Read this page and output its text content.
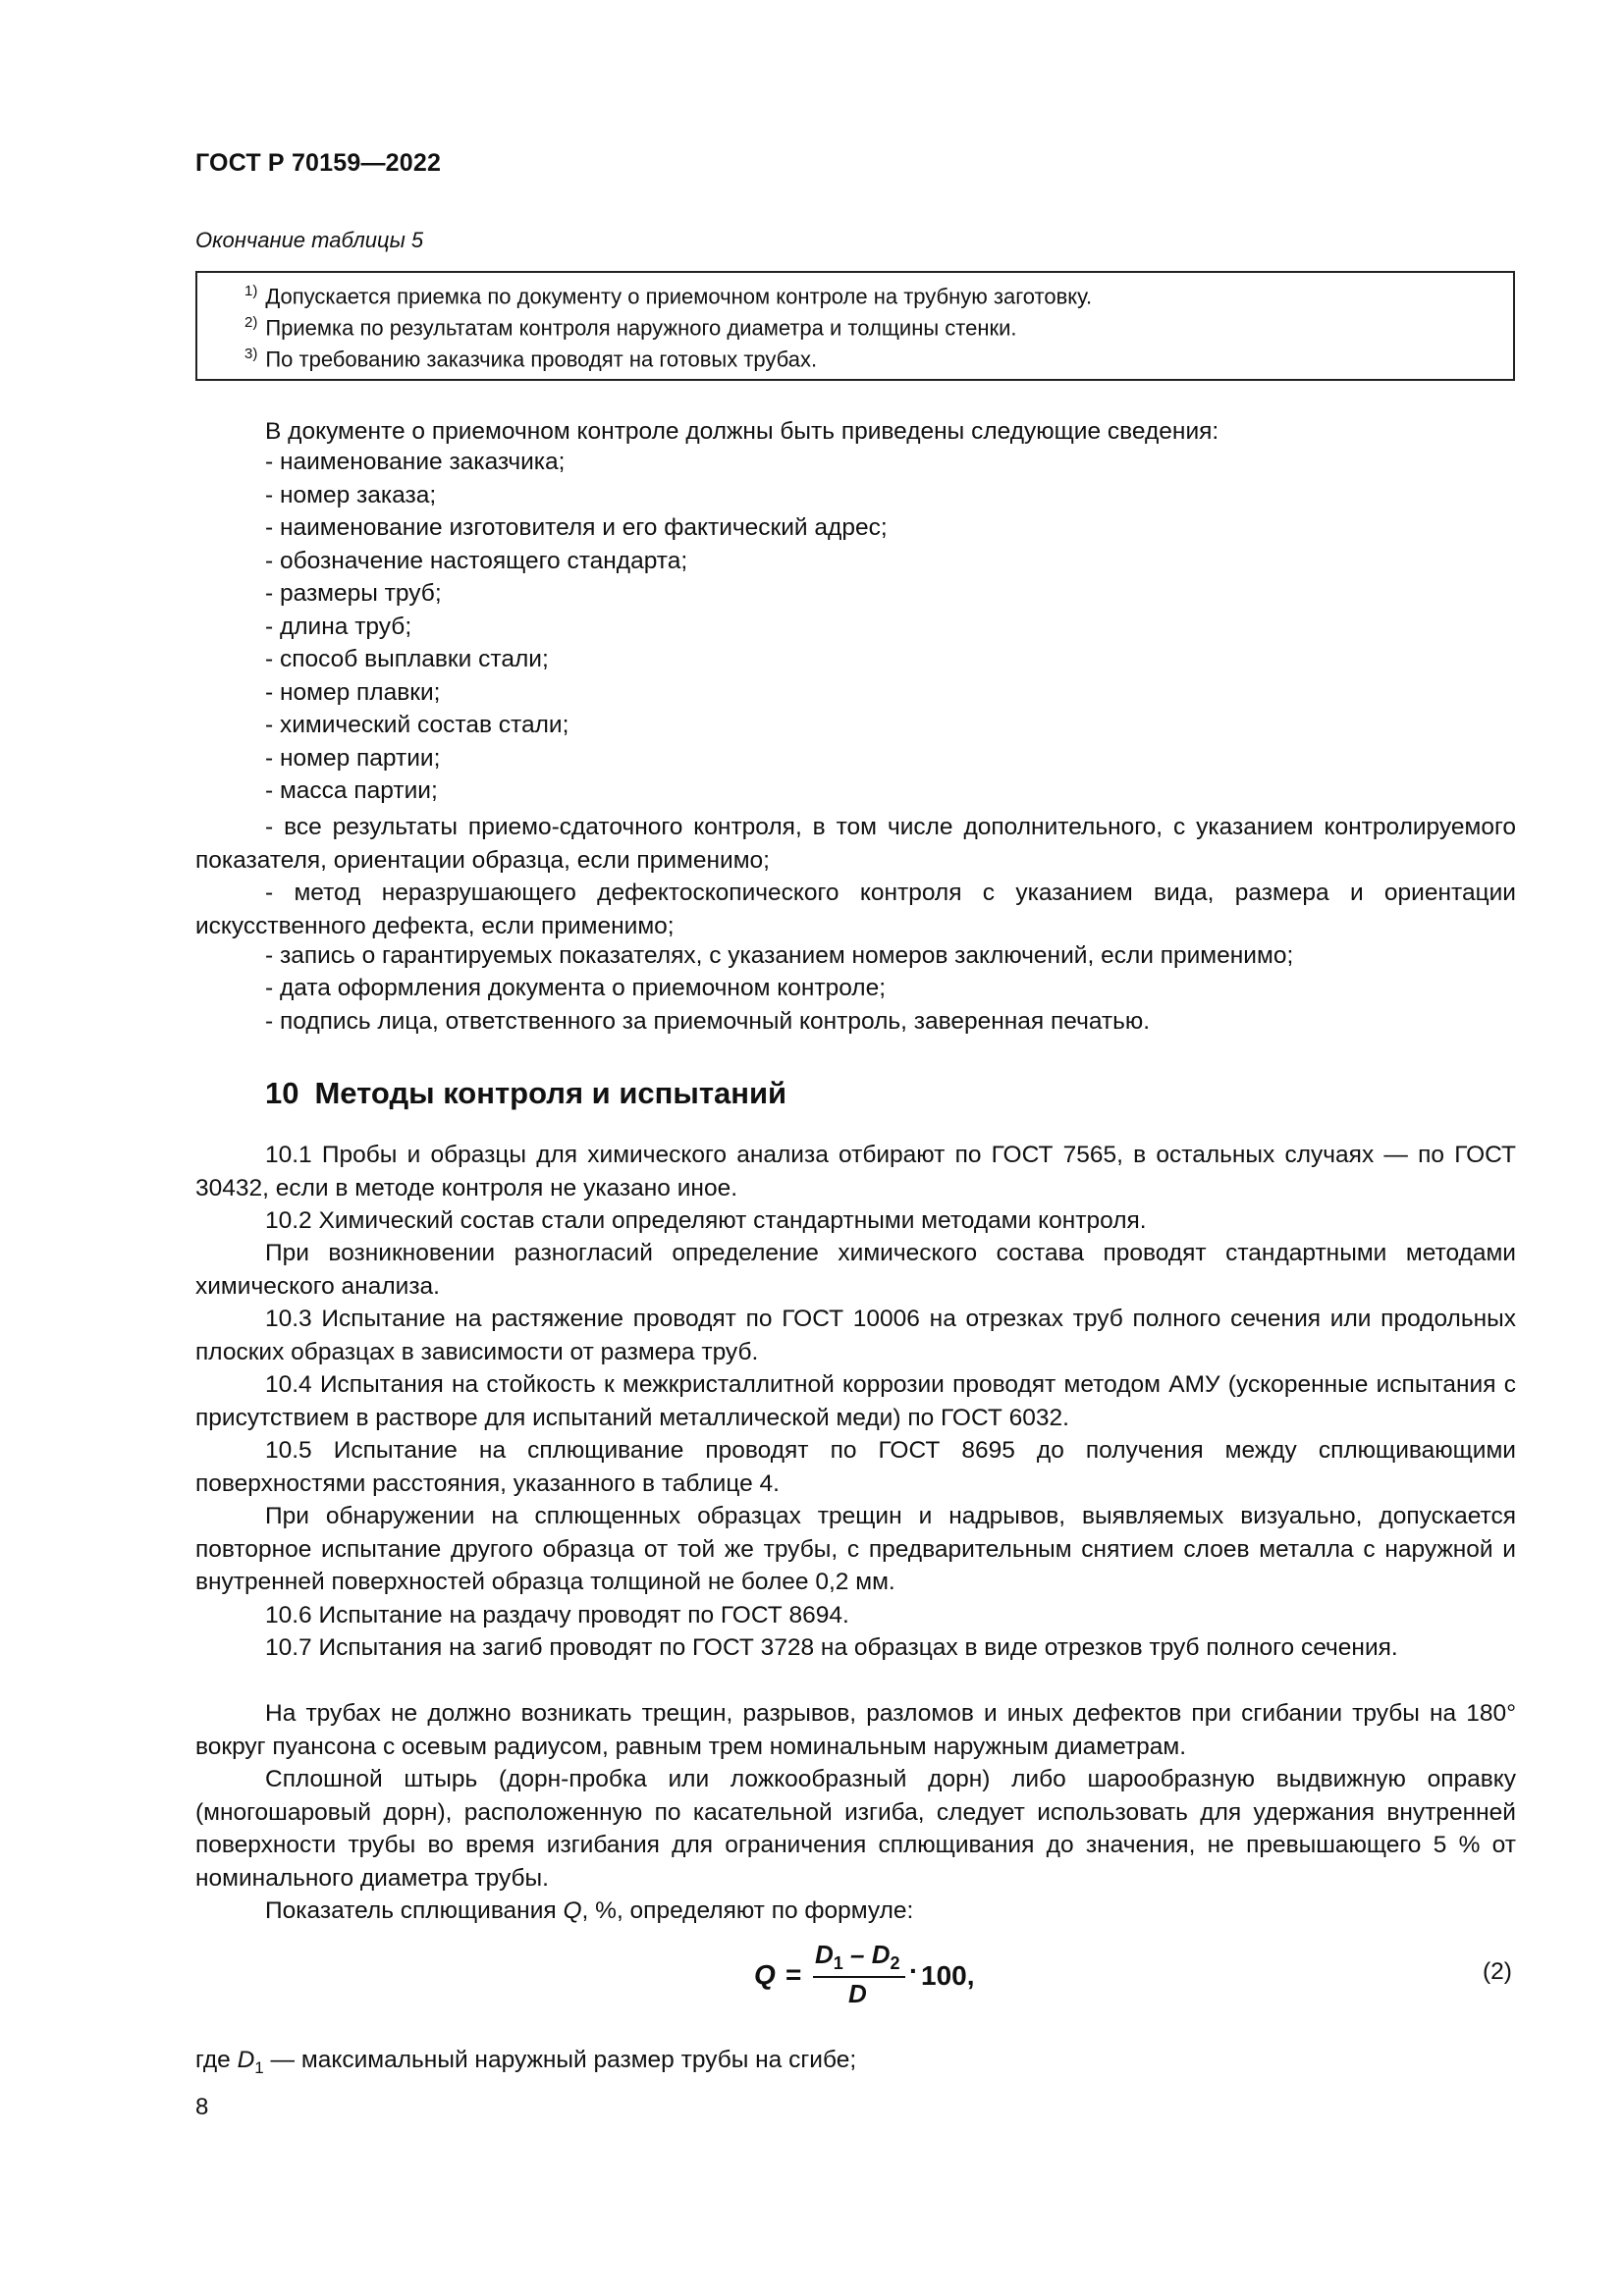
ГОСТ Р 70159—2022
Окончание таблицы 5
$^{1)}$ Допускается приемка по документу о приемочном контроле на трубную заготовку.
$^{2)}$ Приемка по результатам контроля наружного диаметра и толщины стенки.
$^{3)}$ По требованию заказчика проводят на готовых трубах.
В документе о приемочном контроле должны быть приведены следующие сведения:
- наименование заказчика;
- номер заказа;
- наименование изготовителя и его фактический адрес;
- обозначение настоящего стандарта;
- размеры труб;
- длина труб;
- способ выплавки стали;
- номер плавки;
- химический состав стали;
- номер партии;
- масса партии;
- все результаты приемо-сдаточного контроля, в том числе дополнительного, с указанием контролируемого показателя, ориентации образца, если применимо;
- метод неразрушающего дефектоскопического контроля с указанием вида, размера и ориентации искусственного дефекта, если применимо;
- запись о гарантируемых показателях, с указанием номеров заключений, если применимо;
- дата оформления документа о приемочном контроле;
- подпись лица, ответственного за приемочный контроль, заверенная печатью.
10 Методы контроля и испытаний
10.1 Пробы и образцы для химического анализа отбирают по ГОСТ 7565, в остальных случаях — по ГОСТ 30432, если в методе контроля не указано иное.
10.2 Химический состав стали определяют стандартными методами контроля.
При возникновении разногласий определение химического состава проводят стандартными методами химического анализа.
10.3 Испытание на растяжение проводят по ГОСТ 10006 на отрезках труб полного сечения или продольных плоских образцах в зависимости от размера труб.
10.4 Испытания на стойкость к межкристаллитной коррозии проводят методом АМУ (ускоренные испытания с присутствием в растворе для испытаний металлической меди) по ГОСТ 6032.
10.5 Испытание на сплющивание проводят по ГОСТ 8695 до получения между сплющивающими поверхностями расстояния, указанного в таблице 4.
При обнаружении на сплющенных образцах трещин и надрывов, выявляемых визуально, допускается повторное испытание другого образца от той же трубы, с предварительным снятием слоев металла с наружной и внутренней поверхностей образца толщиной не более 0,2 мм.
10.6 Испытание на раздачу проводят по ГОСТ 8694.
10.7 Испытания на загиб проводят по ГОСТ 3728 на образцах в виде отрезков труб полного сечения.
На трубах не должно возникать трещин, разрывов, разломов и иных дефектов при сгибании трубы на 180° вокруг пуансона с осевым радиусом, равным трем номинальным наружным диаметрам.
Сплошной штырь (дорн-пробка или ложкообразный дорн) либо шарообразную выдвижную оправку (многошаровый дорн), расположенную по касательной изгиба, следует использовать для удержания внутренней поверхности трубы во время изгибания для ограничения сплющивания до значения, не превышающего 5 % от номинального диаметра трубы.
Показатель сплющивания Q, %, определяют по формуле:
Q =
$D_1 - D_2$
D
· 100,	(2)
где $D_1$ — максимальный наружный размер трубы на сгибе;
8
